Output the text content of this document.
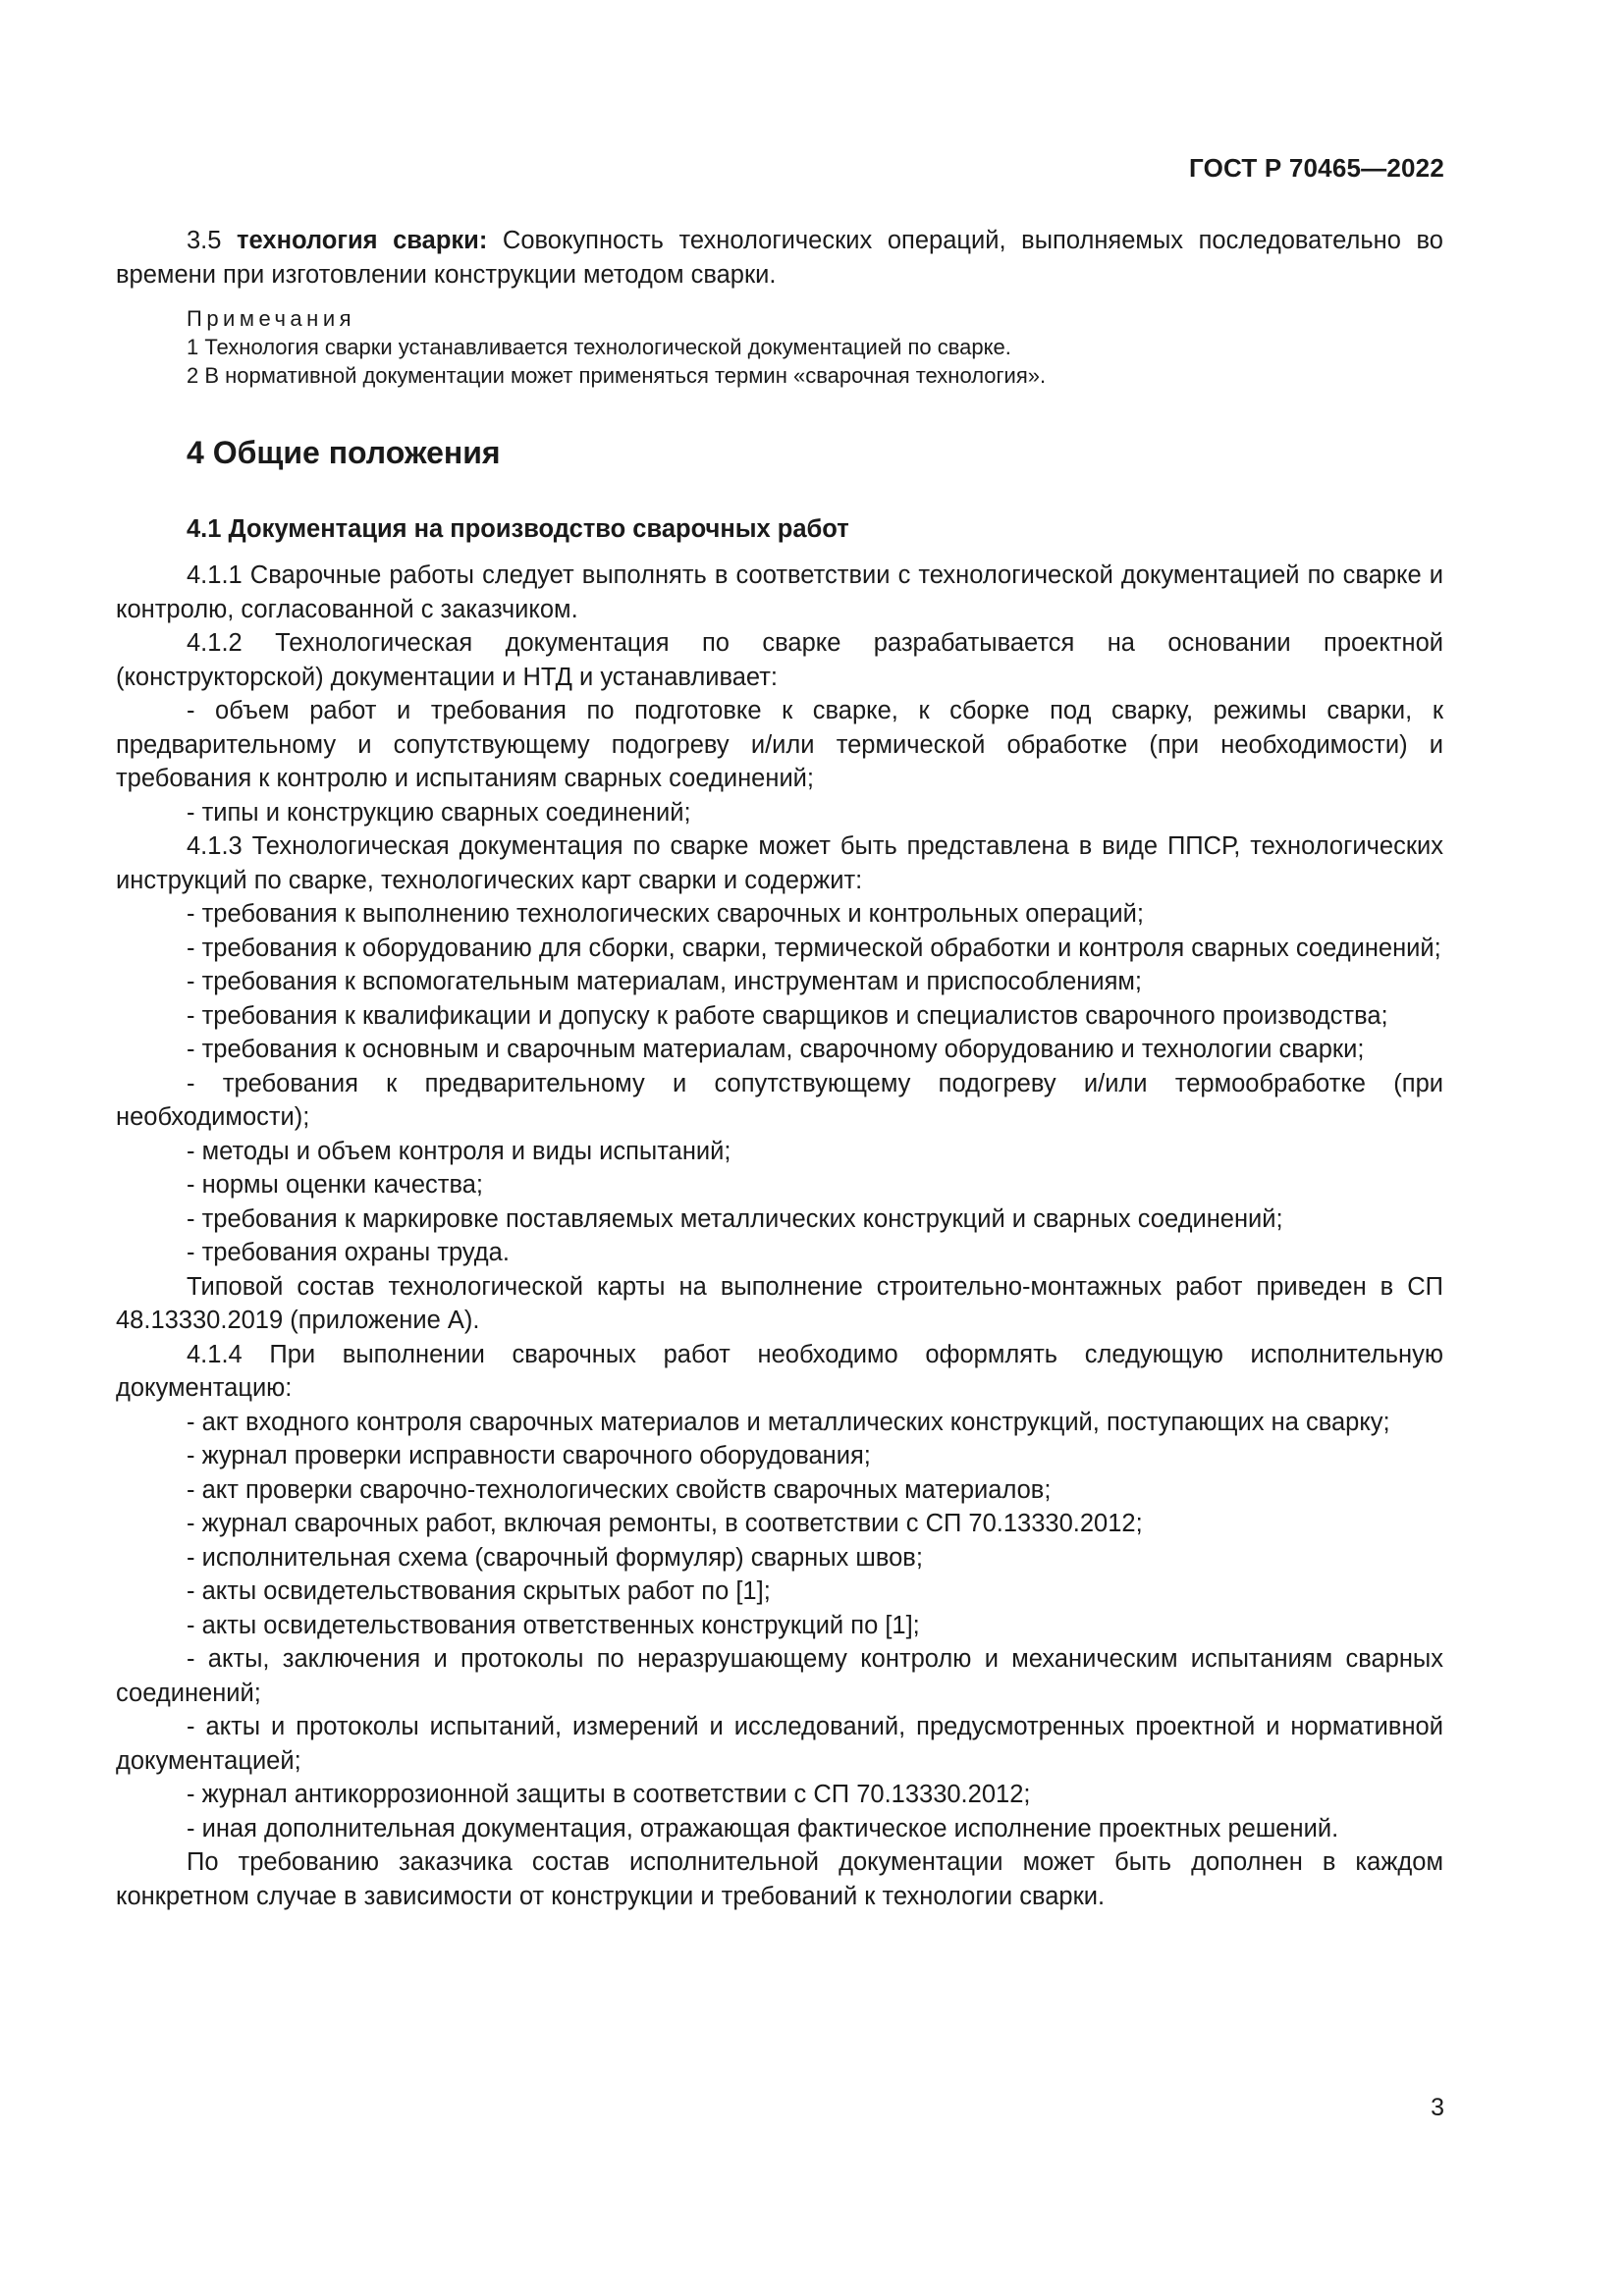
ГОСТ Р 70465—2022

3.5 технология сварки: Совокупность технологических операций, выполняемых последовательно во времени при изготовлении конструкции методом сварки.

Примечания

1 Технология сварки устанавливается технологической документацией по сварке.

2 В нормативной документации может применяться термин «сварочная технология».

4 Общие положения
4.1 Документация на производство сварочных работ

4.1.1 Сварочные работы следует выполнять в соответствии с технологической документацией по сварке и контролю, согласованной с заказчиком.

4.1.2 Технологическая документация по сварке разрабатывается на основании проектной (конструкторской) документации и НТД и устанавливает:

- объем работ и требования по подготовке к сварке, к сборке под сварку, режимы сварки, к предварительному и сопутствующему подогреву и/или термической обработке (при необходимости) и требования к контролю и испытаниям сварных соединений;

- типы и конструкцию сварных соединений;

4.1.3 Технологическая документация по сварке может быть представлена в виде ППСР, технологических инструкций по сварке, технологических карт сварки и содержит:

- требования к выполнению технологических сварочных и контрольных операций;

- требования к оборудованию для сборки, сварки, термической обработки и контроля сварных соединений;

- требования к вспомогательным материалам, инструментам и приспособлениям;

- требования к квалификации и допуску к работе сварщиков и специалистов сварочного производства;

- требования к основным и сварочным материалам, сварочному оборудованию и технологии сварки;

- требования к предварительному и сопутствующему подогреву и/или термообработке (при необходимости);

- методы и объем контроля и виды испытаний;

- нормы оценки качества;

- требования к маркировке поставляемых металлических конструкций и сварных соединений;

- требования охраны труда.

Типовой состав технологической карты на выполнение строительно-монтажных работ приведен в СП 48.13330.2019 (приложение А).

4.1.4 При выполнении сварочных работ необходимо оформлять следующую исполнительную документацию:

- акт входного контроля сварочных материалов и металлических конструкций, поступающих на сварку;

- журнал проверки исправности сварочного оборудования;

- акт проверки сварочно-технологических свойств сварочных материалов;

- журнал сварочных работ, включая ремонты, в соответствии с СП 70.13330.2012;

- исполнительная схема (сварочный формуляр) сварных швов;

- акты освидетельствования скрытых работ по [1];

- акты освидетельствования ответственных конструкций по [1];

- акты, заключения и протоколы по неразрушающему контролю и механическим испытаниям сварных соединений;

- акты и протоколы испытаний, измерений и исследований, предусмотренных проектной и нормативной документацией;

- журнал антикоррозионной защиты в соответствии с СП 70.13330.2012;

- иная дополнительная документация, отражающая фактическое исполнение проектных решений.

По требованию заказчика состав исполнительной документации может быть дополнен в каждом конкретном случае в зависимости от конструкции и требований к технологии сварки.

3
